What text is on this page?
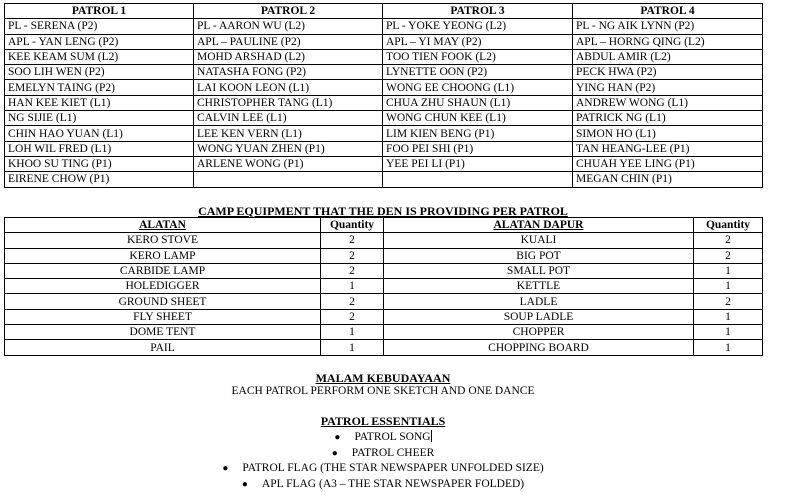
PATROL 1	PATROL 2	PATROL 3	PATROL 4
PL - SERENA (P2)	PL - AARON WU (L2)	PL - YOKE YEONG (L2)	PL - NG AIK LYNN (P2)
APL - YAN LENG (P2)	APL – PAULINE (P2)	APL – YI MAY (P2)	APL – HORNG QING (L2)
KEE KEAM SUM (L2)	MOHD ARSHAD (L2)	TOO TIEN FOOK (L2)	ABDUL AMIR (L2)
SOO LIH WEN (P2)	NATASHA FONG (P2)	LYNETTE OON (P2)	PECK HWA (P2)
EMELYN TAING (P2)	LAI KOON LEON (L1)	WONG EE CHOONG (L1)	YING HAN (P2)
HAN KEE KIET (L1)	CHRISTOPHER TANG (L1)	CHUA ZHU SHAUN (L1)	ANDREW WONG (L1)
NG SIJIE (L1)	CALVIN LEE (L1)	WONG CHUN KEE (L1)	PATRICK NG (L1)
CHIN HAO YUAN (L1)	LEE KEN VERN (L1)	LIM KIEN BENG (P1)	SIMON HO (L1)
LOH WIL FRED (L1)	WONG YUAN ZHEN (P1)	FOO PEI SHI (P1)	TAN HEANG-LEE (P1)
KHOO SU TING (P1)	ARLENE WONG (P1)	YEE PEI LI (P1)	CHUAH YEE LING (P1)
EIRENE CHOW (P1)			MEGAN CHIN (P1)
CAMP EQUIPMENT THAT THE DEN IS PROVIDING PER PATROL
ALATAN	Quantity	ALATAN DAPUR	Quantity
KERO STOVE	2	KUALI	2
KERO LAMP	2	BIG POT	2
CARBIDE LAMP	2	SMALL POT	1
HOLEDIGGER	1	KETTLE	1
GROUND SHEET	2	LADLE	2
FLY SHEET	2	SOUP LADLE	1
DOME TENT	1	CHOPPER	1
PAIL	1	CHOPPING BOARD	1
MALAM KEBUDAYAAN
EACH PATROL PERFORM ONE SKETCH AND ONE DANCE
PATROL ESSENTIALS
● PATROL SONG
● PATROL CHEER
● PATROL FLAG (THE STAR NEWSPAPER UNFOLDED SIZE)
● APL FLAG (A3 – THE STAR NEWSPAPER FOLDED)
